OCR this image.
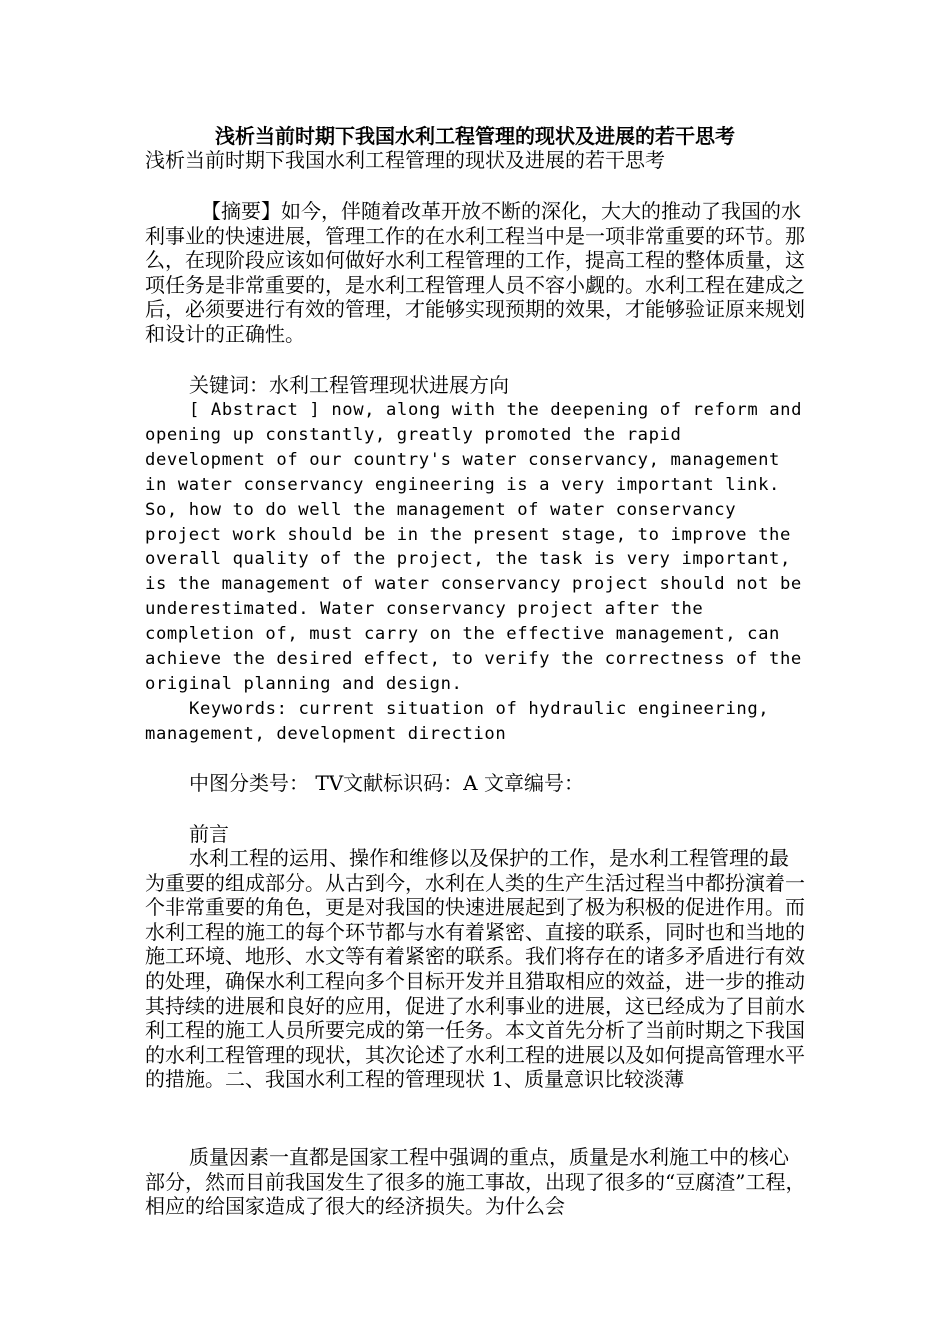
浅析当前时期下我国水利工程管理的现状及进展的若干思考

浅析当前时期下我国水利工程管理的现状及进展的若干思考

【摘要】如今，伴随着改革开放不断的深化，大大的推动了我国的水利事业的快速进展，管理工作的在水利工程当中是一项非常重要的环节。那么，在现阶段应该如何做好水利工程管理的工作，提高工程的整体质量，这项任务是非常重要的，是水利工程管理人员不容小觑的。水利工程在建成之后，必须要进行有效的管理，才能够实现预期的效果，才能够验证原来规划和设计的正确性。

关键词：水利工程管理现状进展方向

[ Abstract ] now, along with the deepening of reform and opening up constantly, greatly promoted the rapid development of our country's water conservancy, management in water conservancy engineering is a very important link. So, how to do well the management of water conservancy project work should be in the present stage, to improve the overall quality of the project, the task is very important, is the management of water conservancy project should not be underestimated. Water conservancy project after the completion of, must carry on the effective management, can achieve the desired effect, to verify the correctness of the original planning and design.

Keywords: current situation of hydraulic engineering, management, development direction

中图分类号： TV文献标识码：A 文章编号：

前言

水利工程的运用、操作和维修以及保护的工作，是水利工程管理的最为重要的组成部分。从古到今，水利在人类的生产生活过程当中都扮演着一个非常重要的角色，更是对我国的快速进展起到了极为积极的促进作用。而水利工程的施工的每个环节都与水有着紧密、直接的联系，同时也和当地的施工环境、地形、水文等有着紧密的联系。我们将存在的诸多矛盾进行有效的处理，确保水利工程向多个目标开发并且猎取相应的效益，进一步的推动其持续的进展和良好的应用，促进了水利事业的进展，这已经成为了目前水利工程的施工人员所要完成的第一任务。本文首先分析了当前时期之下我国的水利工程管理的现状，其次论述了水利工程的进展以及如何提高管理水平的措施。二、我国水利工程的管理现状 1、质量意识比较淡薄

质量因素一直都是国家工程中强调的重点，质量是水利施工中的核心部分，然而目前我国发生了很多的施工事故，出现了很多的“豆腐渣”工程，相应的给国家造成了很大的经济损失。为什么会
